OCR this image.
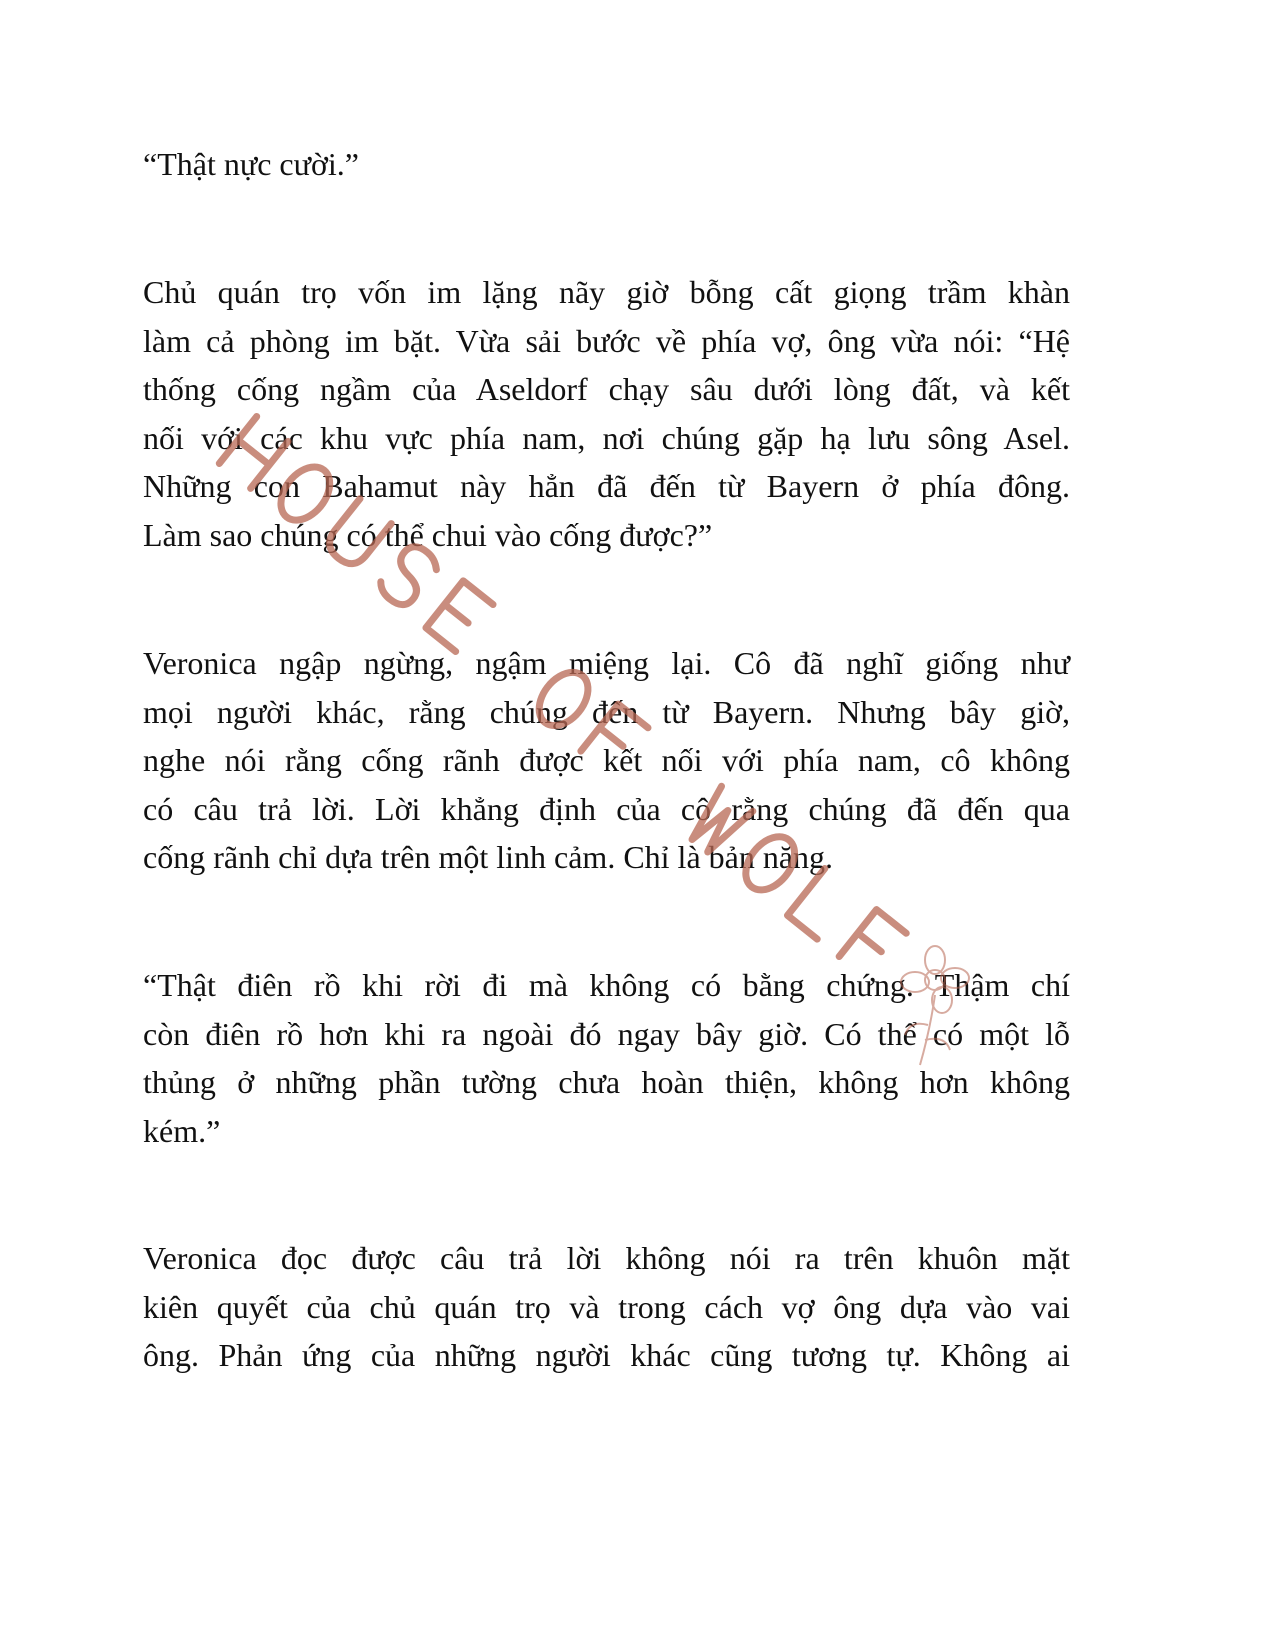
“Thật nực cười.”
Chủ quán trọ vốn im lặng nãy giờ bỗng cất giọng trầm khàn
làm cả phòng im bặt. Vừa sải bước về phía vợ, ông vừa nói: “Hệ
thống cống ngầm của Aseldorf chạy sâu dưới lòng đất, và kết
nối với các khu vực phía nam, nơi chúng gặp hạ lưu sông Asel.
Những con Bahamut này hẳn đã đến từ Bayern ở phía đông.
Làm sao chúng có thể chui vào cống được?”
Veronica ngập ngừng, ngậm miệng lại. Cô đã nghĩ giống như
mọi người khác, rằng chúng đến từ Bayern. Nhưng bây giờ,
nghe nói rằng cống rãnh được kết nối với phía nam, cô không
có câu trả lời. Lời khẳng định của cô rằng chúng đã đến qua
cống rãnh chỉ dựa trên một linh cảm. Chỉ là bản năng.
“Thật điên rồ khi rời đi mà không có bằng chứng. Thậm chí
còn điên rồ hơn khi ra ngoài đó ngay bây giờ. Có thể có một lỗ
thủng ở những phần tường chưa hoàn thiện, không hơn không
kém.”
Veronica đọc được câu trả lời không nói ra trên khuôn mặt
kiên quyết của chủ quán trọ và trong cách vợ ông dựa vào vai
ông. Phản ứng của những người khác cũng tương tự. Không ai
